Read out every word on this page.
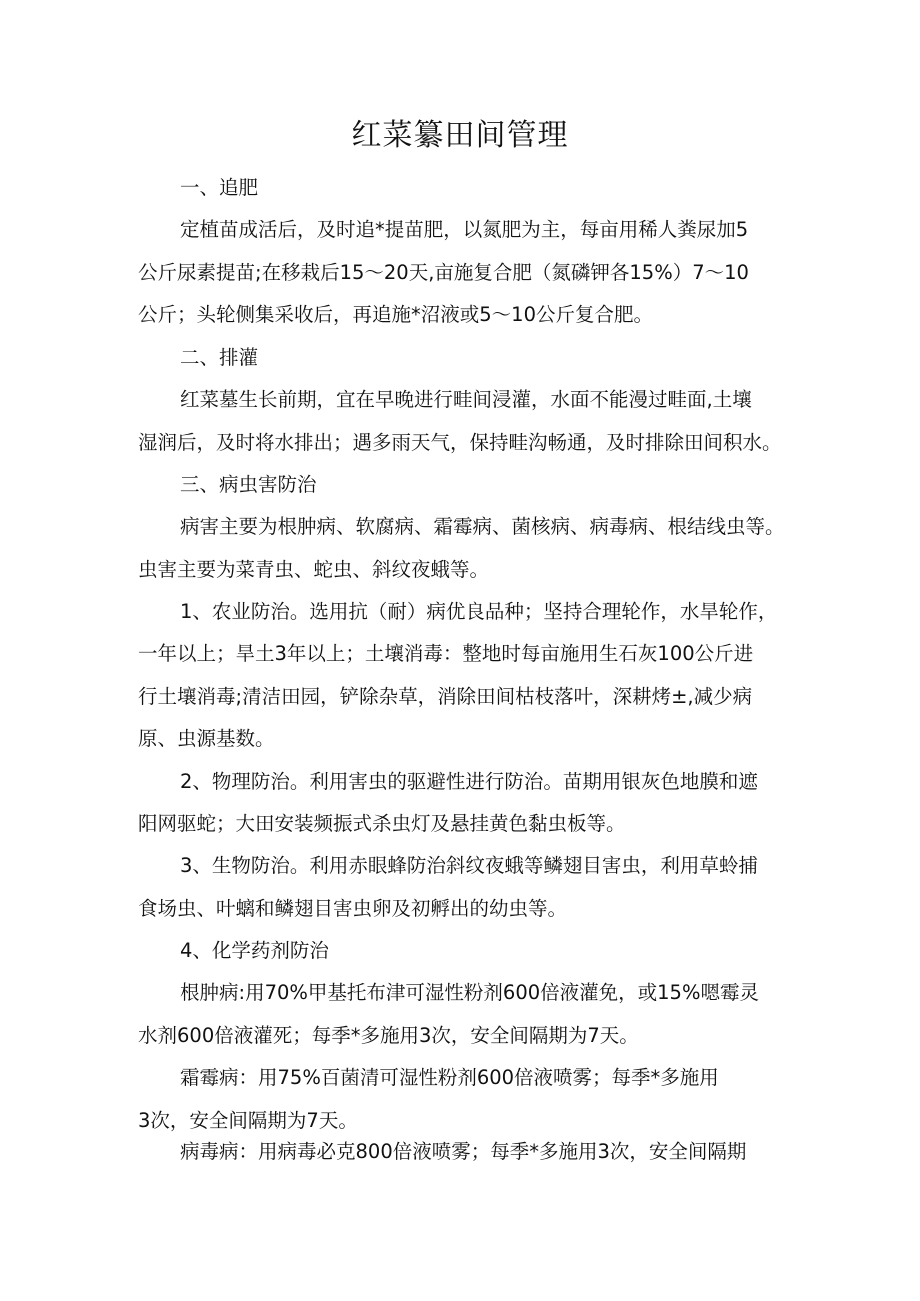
红菜纂田间管理

一、追肥

定植苗成活后，及时追*提苗肥，以氮肥为主，每亩用稀人粪尿加5

公斤尿素提苗;在移栽后15～20天,亩施复合肥（氮磷钾各15%）7～10

公斤；头轮侧集采收后，再追施*沼液或5～10公斤复合肥。

二、排灌

红菜墓生长前期，宜在早晚进行畦间浸灌，水面不能漫过畦面,土壤

湿润后，及时将水排出；遇多雨天气，保持畦沟畅通，及时排除田间积水。

三、病虫害防治

病害主要为根肿病、软腐病、霜霉病、菌核病、病毒病、根结线虫等。

虫害主要为菜青虫、蛇虫、斜纹夜蛾等。

1、农业防治。选用抗（耐）病优良品种；坚持合理轮作，水旱轮作，

一年以上；旱土3年以上；土壤消毒：整地时每亩施用生石灰100公斤进

行土壤消毒;清洁田园，铲除杂草，消除田间枯枝落叶，深耕烤±,减少病

原、虫源基数。

2、物理防治。利用害虫的驱避性进行防治。苗期用银灰色地膜和遮

阳网驱蛇；大田安装频振式杀虫灯及悬挂黄色黏虫板等。

3、生物防治。利用赤眼蜂防治斜纹夜蛾等鳞翅目害虫，利用草蛉捕

食场虫、叶螭和鳞翅目害虫卵及初孵出的幼虫等。

4、化学药剂防治

根肿病:用70%甲基托布津可湿性粉剂600倍液灌免，或15%嗯霉灵

水剂600倍液灌死；每季*多施用3次，安全间隔期为7天。

霜霉病：用75%百菌清可湿性粉剂600倍液喷雾；每季*多施用

3次，安全间隔期为7天。

病毒病：用病毒必克800倍液喷雾；每季*多施用3次，安全间隔期
